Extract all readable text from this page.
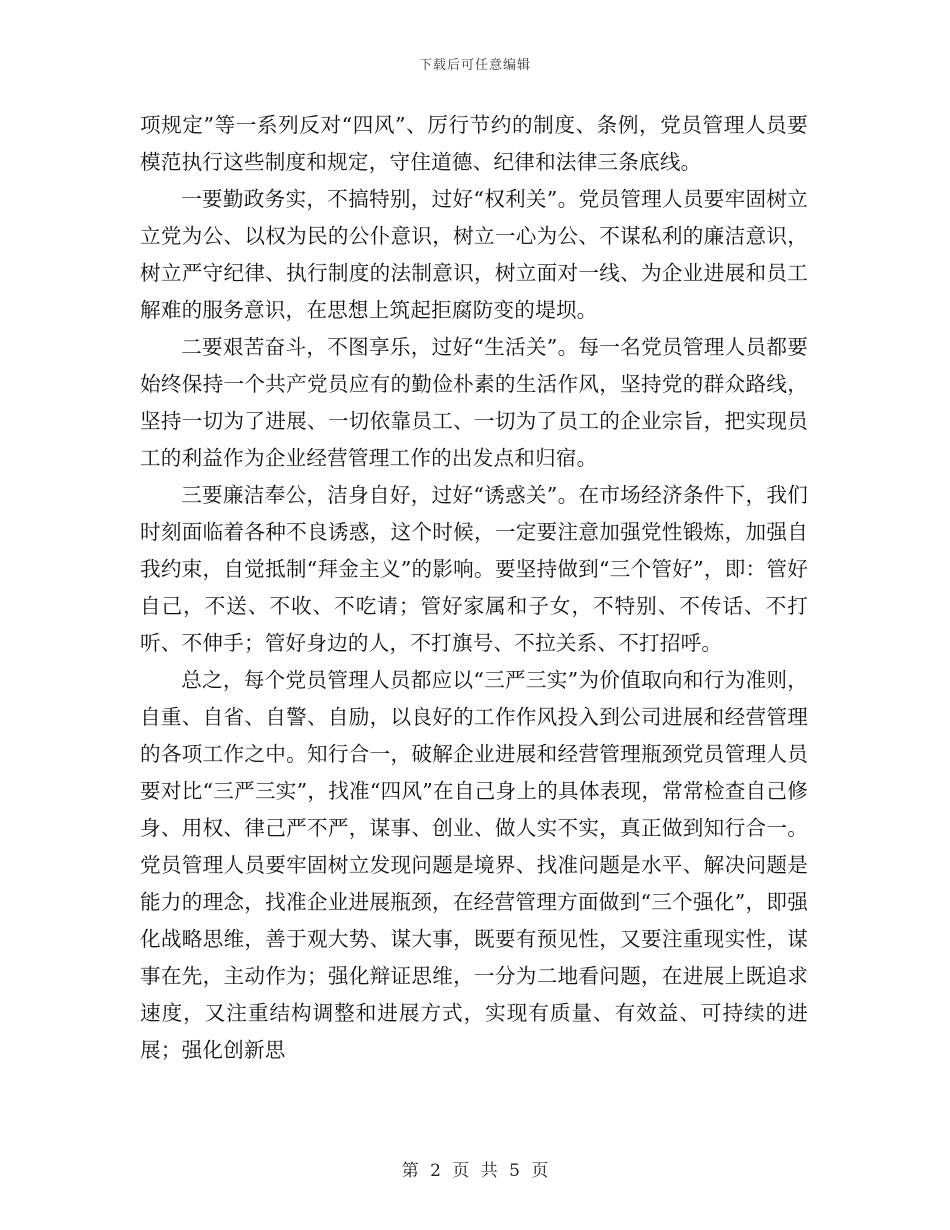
下载后可任意编辑

项规定”等一系列反对“四风”、厉行节约的制度、条例，党员管理人员要模范执行这些制度和规定，守住道德、纪律和法律三条底线。

一要勤政务实，不搞特别，过好“权利关”。党员管理人员要牢固树立立党为公、以权为民的公仆意识，树立一心为公、不谋私利的廉洁意识，树立严守纪律、执行制度的法制意识，树立面对一线、为企业进展和员工解难的服务意识，在思想上筑起拒腐防变的堤坝。

二要艰苦奋斗，不图享乐，过好“生活关”。每一名党员管理人员都要始终保持一个共产党员应有的勤俭朴素的生活作风，坚持党的群众路线，坚持一切为了进展、一切依靠员工、一切为了员工的企业宗旨，把实现员工的利益作为企业经营管理工作的出发点和归宿。

三要廉洁奉公，洁身自好，过好“诱惑关”。在市场经济条件下，我们时刻面临着各种不良诱惑，这个时候，一定要注意加强党性锻炼，加强自我约束，自觉抵制“拜金主义”的影响。要坚持做到“三个管好”，即：管好自己，不送、不收、不吃请；管好家属和子女，不特别、不传话、不打听、不伸手；管好身边的人，不打旗号、不拉关系、不打招呼。

总之，每个党员管理人员都应以“三严三实”为价值取向和行为准则，自重、自省、自警、自励，以良好的工作作风投入到公司进展和经营管理的各项工作之中。知行合一，破解企业进展和经营管理瓶颈党员管理人员要对比“三严三实”，找准“四风”在自己身上的具体表现，常常检查自己修身、用权、律己严不严，谋事、创业、做人实不实，真正做到知行合一。党员管理人员要牢固树立发现问题是境界、找准问题是水平、解决问题是能力的理念，找准企业进展瓶颈，在经营管理方面做到“三个强化”，即强化战略思维，善于观大势、谋大事，既要有预见性，又要注重现实性，谋事在先，主动作为；强化辩证思维，一分为二地看问题，在进展上既追求速度，又注重结构调整和进展方式，实现有质量、有效益、可持续的进展；强化创新思

第 2 页 共 5 页
